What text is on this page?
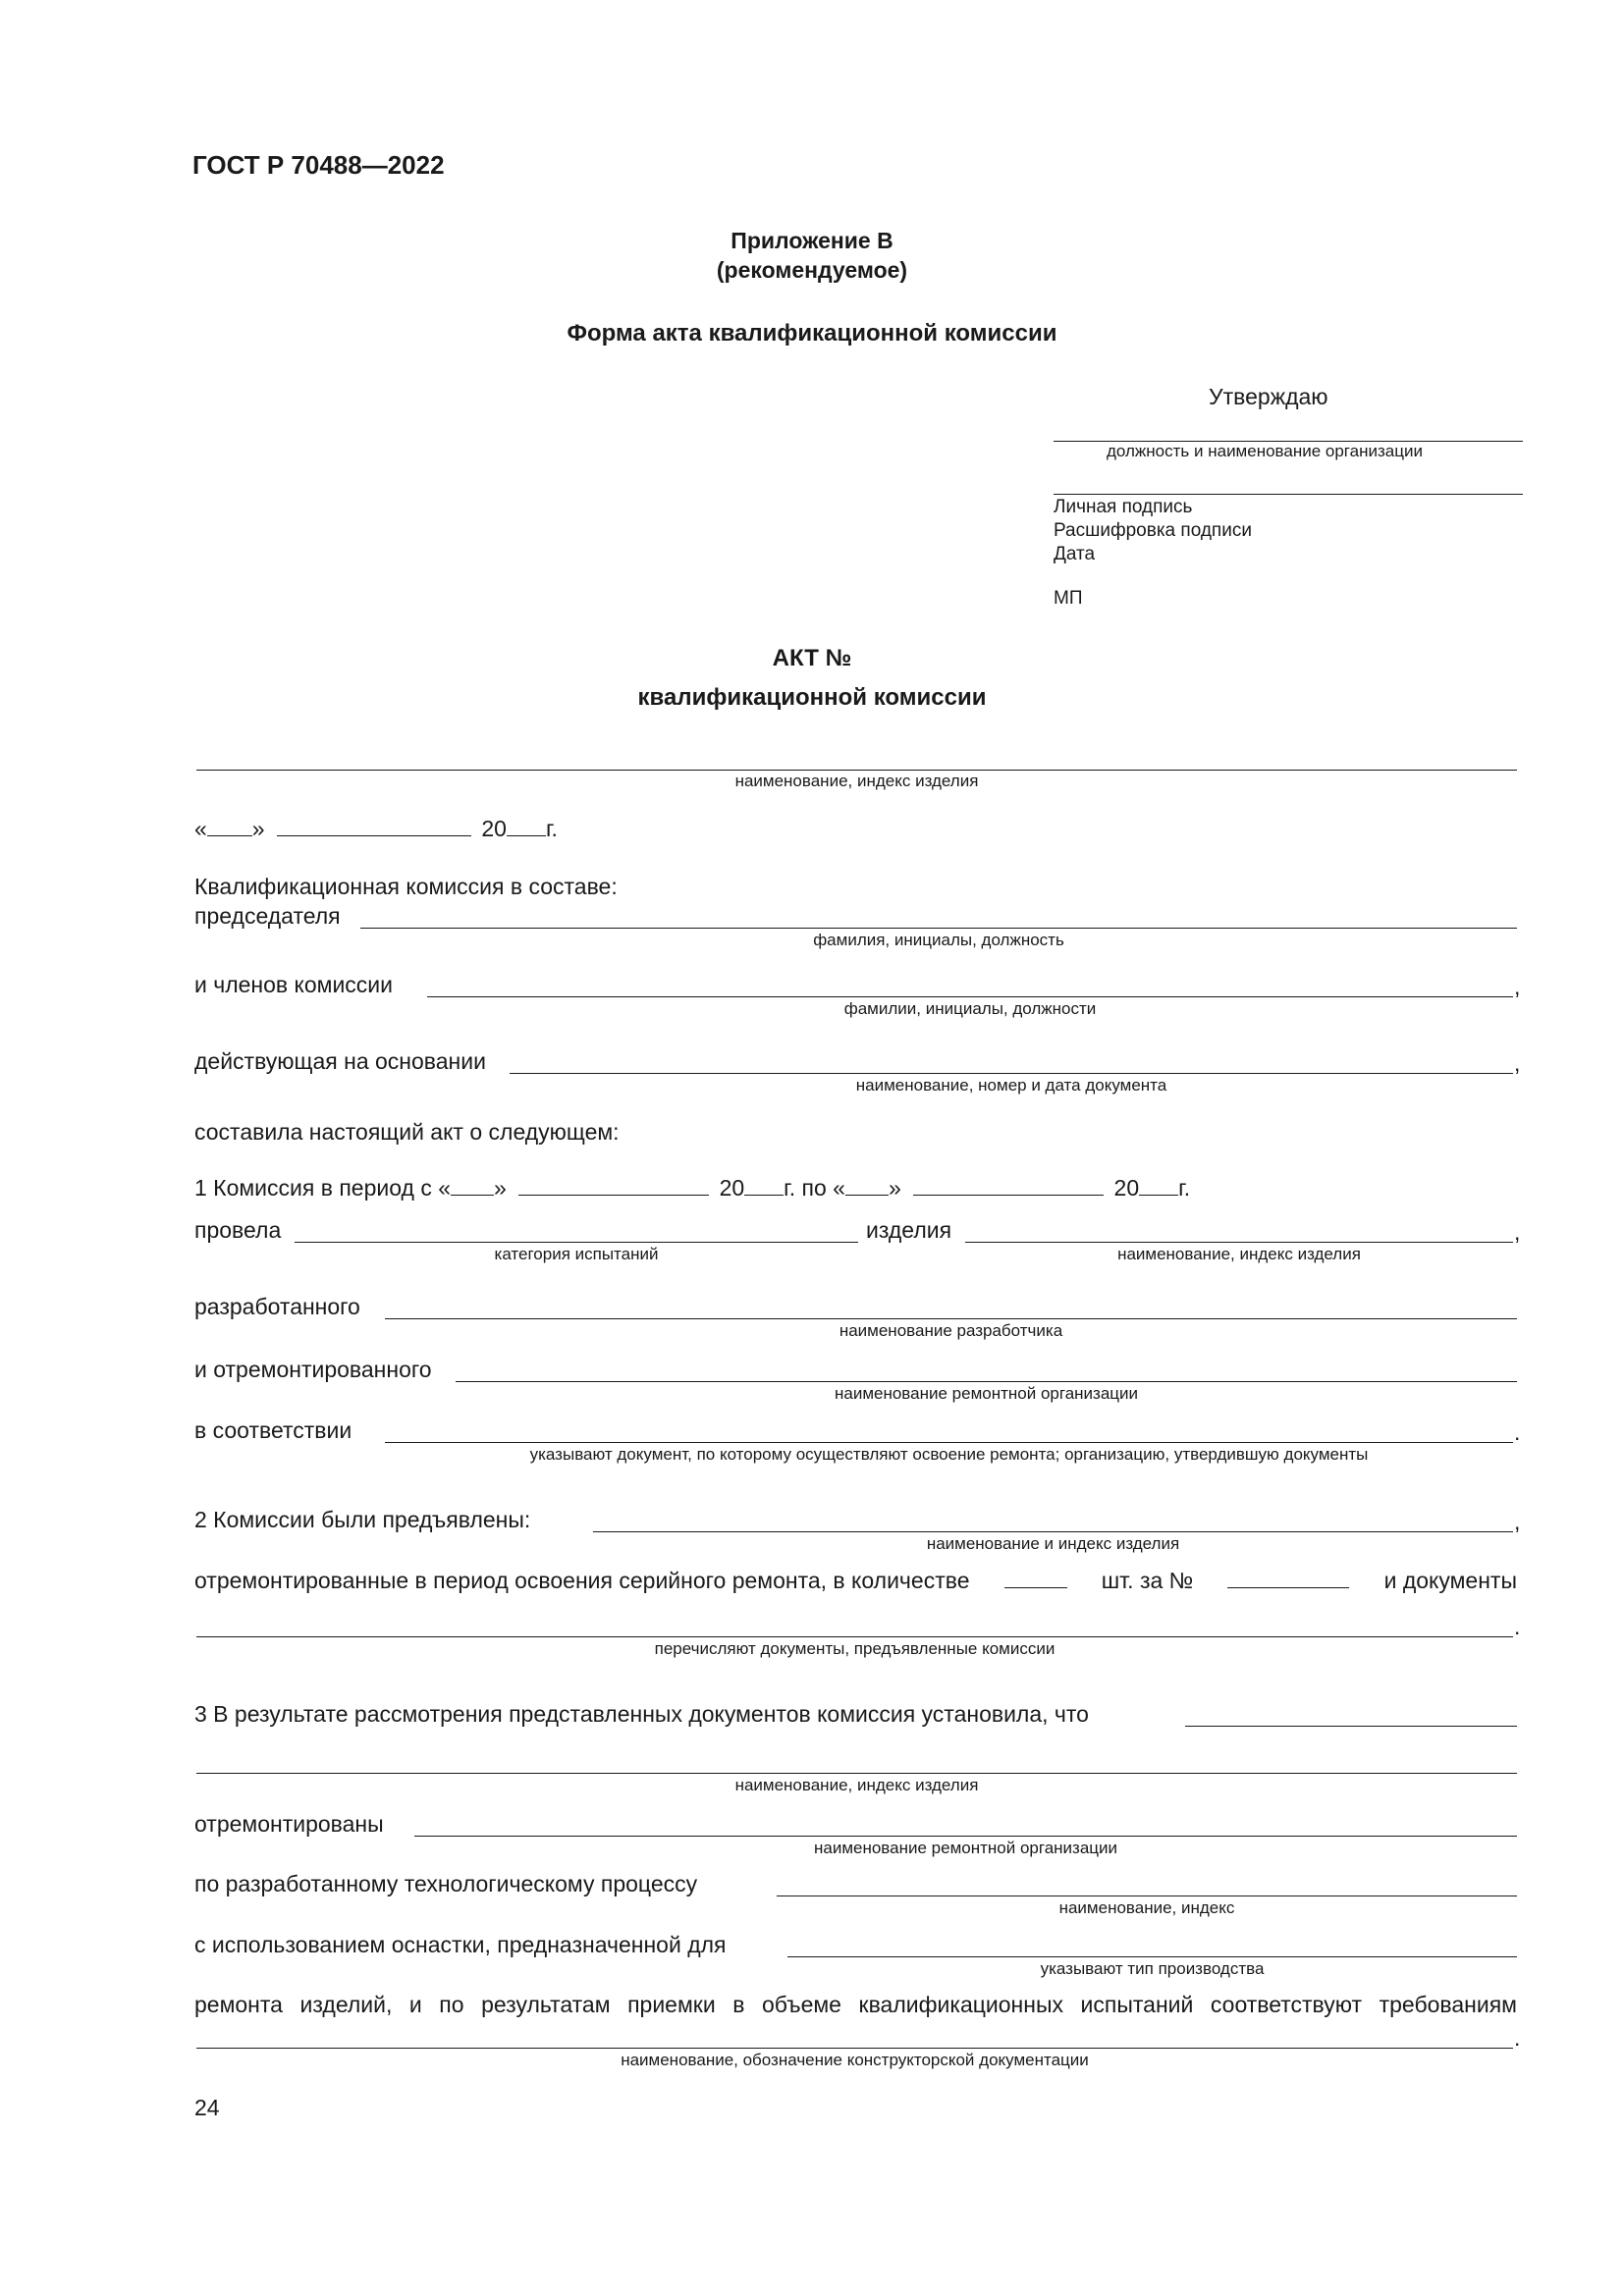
ГОСТ Р 70488—2022
Приложение В
(рекомендуемое)
Форма акта квалификационной комиссии
Утверждаю
должность и наименование организации
Личная подпись
Расшифровка подписи
Дата
МП
АКТ №
квалификационной комиссии
наименование, индекс изделия
« »	20 г.
Квалификационная комиссия в составе:
председателя
фамилия, инициалы, должность
и членов комиссии	,
фамилии, инициалы, должности
действующая на основании	,
наименование, номер и дата документа
составила настоящий акт о следующем:
1 Комиссия в период с « »	20 г. по « »	20 г.
провела
категория испытаний
изделия	,
наименование, индекс изделия
разработанного
наименование разработчика
и отремонтированного
наименование ремонтной организации
в соответствии	.
указывают документ, по которому осуществляют освоение ремонта; организацию, утвердившую документы
2 Комиссии были предъявлены:	,
наименование и индекс изделия
отремонтированные в период освоения серийного ремонта, в количестве	шт. за №	и документы
.
перечисляют документы, предъявленные комиссии
3 В результате рассмотрения представленных документов комиссия установила, что
наименование, индекс изделия
отремонтированы
наименование ремонтной организации
по разработанному технологическому процессу
наименование, индекс
с использованием оснастки, предназначенной для
указывают тип производства
ремонта изделий, и по результатам приемки в объеме квалификационных испытаний соответствуют требованиям
.
наименование, обозначение конструкторской документации
24
